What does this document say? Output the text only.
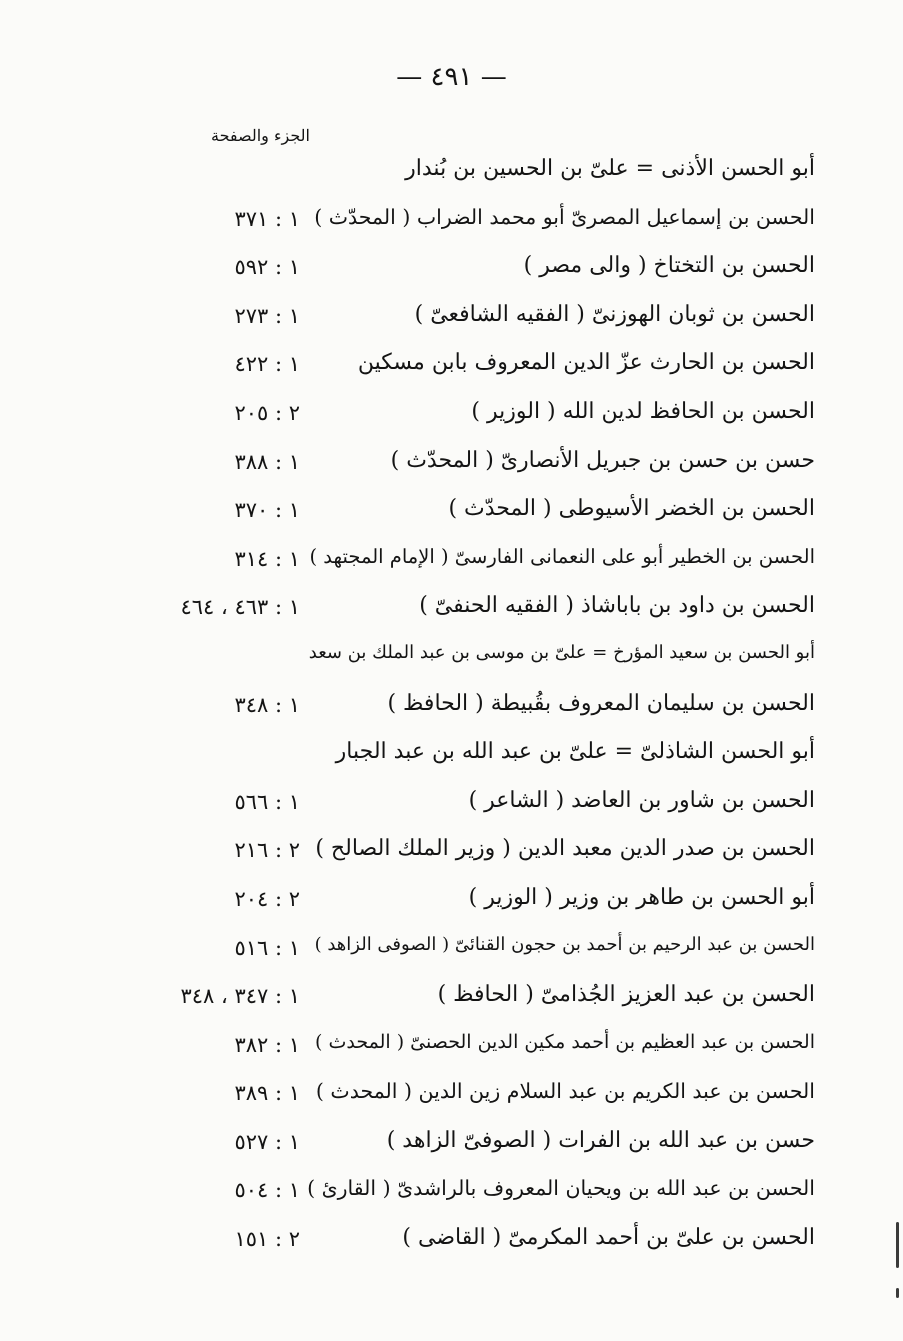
— ٤٩١ —
الجزء والصفحة
أبو الحسن الأذنى = علىّ بن الحسين بن بُندار
الحسن بن إسماعيل المصرىّ أبو محمد الضراب ( المحدّث )
١ : ٣٧١
الحسن بن التختاخ ( والى مصر )
١ : ٥٩٢
الحسن بن ثوبان الهوزنىّ ( الفقيه الشافعىّ )
١ : ٢٧٣
الحسن بن الحارث عزّ الدين المعروف بابن مسكين
١ : ٤٢٢
الحسن بن الحافظ لدين الله ( الوزير )
٢ : ٢٠٥
حسن بن حسن بن جبريل الأنصارىّ ( المحدّث )
١ : ٣٨٨
الحسن بن الخضر الأسيوطى ( المحدّث )
١ : ٣٧٠
الحسن بن الخطير أبو على النعمانى الفارسىّ ( الإمام المجتهد )
١ : ٣١٤
الحسن بن داود بن باباشاذ ( الفقيه الحنفىّ )
١ : ٤٦٣ ، ٤٦٤
أبو الحسن بن سعيد المؤرخ = علىّ بن موسى بن عبد الملك بن سعد
الحسن بن سليمان المعروف بقُبيطة ( الحافظ )
١ : ٣٤٨
أبو الحسن الشاذلىّ = علىّ بن عبد الله بن عبد الجبار
الحسن بن شاور بن العاضد ( الشاعر )
١ : ٥٦٦
الحسن بن صدر الدين معبد الدين ( وزير الملك الصالح )
٢ : ٢١٦
أبو الحسن بن طاهر بن وزير ( الوزير )
٢ : ٢٠٤
الحسن بن عبد الرحيم بن أحمد بن حجون القنائىّ ( الصوفى الزاهد )
١ : ٥١٦
الحسن بن عبد العزيز الجُذامىّ ( الحافظ )
١ : ٣٤٧ ، ٣٤٨
الحسن بن عبد العظيم بن أحمد مكين الدين الحصنىّ ( المحدث )
١ : ٣٨٢
الحسن بن عبد الكريم بن عبد السلام زين الدين ( المحدث )
١ : ٣٨٩
حسن بن عبد الله بن الفرات ( الصوفىّ الزاهد )
١ : ٥٢٧
الحسن بن عبد الله بن ويحيان المعروف بالراشدىّ ( القارئ )
١ : ٥٠٤
الحسن بن علىّ بن أحمد المكرمىّ ( القاضى )
٢ : ١٥١
